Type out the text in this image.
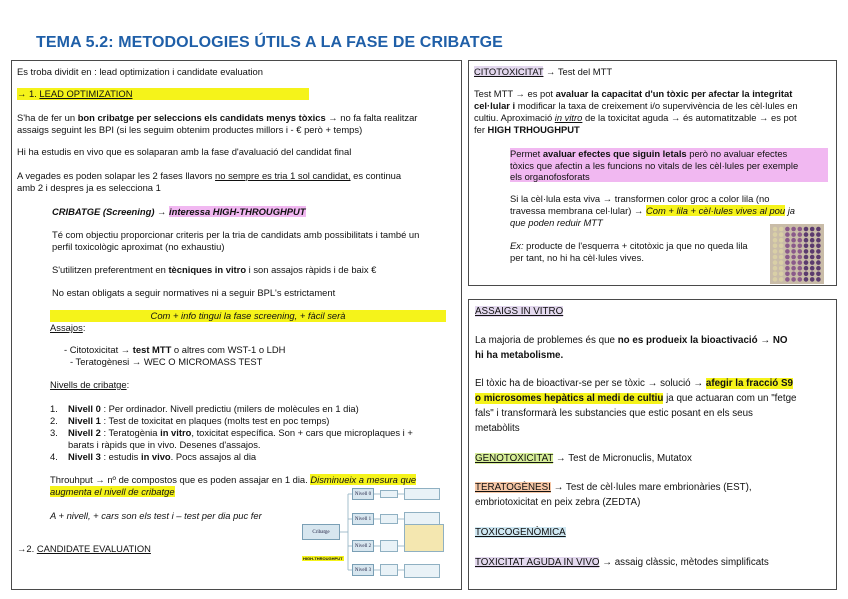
TEMA 5.2: METODOLOGIES ÚTILS A LA FASE DE CRIBATGE
Es troba dividit en : lead optimization i candidate evaluation
→ 1. LEAD OPTIMIZATION
S'ha de fer un bon cribatge per seleccions els candidats menys tòxics → no fa falta realitzar
assaigs seguint les BPI (si les seguim obtenim productes millors i - € però + temps)
Hi ha estudis en vivo que es solaparan amb la fase d'avaluació del candidat final
A vegades es poden solapar les 2 fases llavors no sempre es tria 1 sol candidat, es continua
amb 2 i despres ja es selecciona 1
CRIBATGE (Screening) → interessa HIGH-THROUGHPUT
Té com objectiu proporcionar criteris per la tria de candidats amb possibilitats i també un
perfil toxicològic aproximat (no exhaustiu)
S'utilitzen preferentment en tècniques in vitro i son assajos ràpids i de baix €
No estan obligats a seguir normatives ni a seguir BPL's estrictament
Com + info tingui la fase screening, + fàcil serà
Assajos:
- Citotoxicitat → test MTT o altres com WST-1 o LDH
- Teratogènesi → WEC O MICROMASS TEST
Nivells de cribatge:
1. Nivell 0 : Per ordinador. Nivell predictiu (milers de molècules en 1 dia)
2. Nivell 1 : Test de toxicitat en plaques (molts test en poc temps)
3. Nivell 2 : Teratogènia in vitro, toxicitat específica. Son + cars que microplaques i +
barats i ràpids que in vivo. Desenes d'assajos.
4. Nivell 3 : estudis in vivo. Pocs assajos al dia
Throuhput → nº de compostos que es poden assajar en 1 dia. Disminueix a mesura que
augmenta el nivell de cribatge
A + nivell, + cars son els test i – test per dia puc fer
→2. CANDIDATE EVALUATION
Cribatge
Nivell 0
Nivell 1
Nivell 2
Nivell 3
HIGH-THROUGHPUT
CITOTOXICITAT → Test del MTT
Test MTT → es pot avaluar la capacitat d'un tòxic per afectar la integritat
cel·lular i modificar la taxa de creixement i/o supervivència de les cèl·lules en
cultiu. Aproximació in vitro de la toxicitat aguda → és automatitzable → es pot
fer HIGH TRHOUGHPUT
Permet avaluar efectes que siguin letals però no avaluar efectes
tòxics que afectin a les funcions no vitals de les cèl·lules per exemple
els organofosforats
Si la cèl·lula esta viva → transformen color groc a color lila (no
travessa membrana cel·lular) → Com + lila + cèl·lules vives al pou ja
que poden reduir MTT
Ex: producte de l'esquerra + citotòxic ja que no queda lila
per tant, no hi ha cèl·lules vives.
ASSAIGS IN VITRO
La majoria de problemes és que no es produeix la bioactivació → NO
hi ha metabolisme.
El tòxic ha de bioactivar-se per se tòxic → solució → afegir la fracció S9
o microsomes hepàtics al medi de cultiu ja que actuaran com un "fetge
fals" i transformarà les substancies que estic posant en els seus
metabòlits
GENOTOXICITAT → Test de Micronuclis, Mutatox
TERATOGÈNESI → Test de cèl·lules mare embrionàries (EST),
embriotoxicitat en peix zebra (ZEDTA)
TOXICOGENÒMICA
TOXICITAT AGUDA IN VIVO → assaig clàssic, mètodes simplificats
